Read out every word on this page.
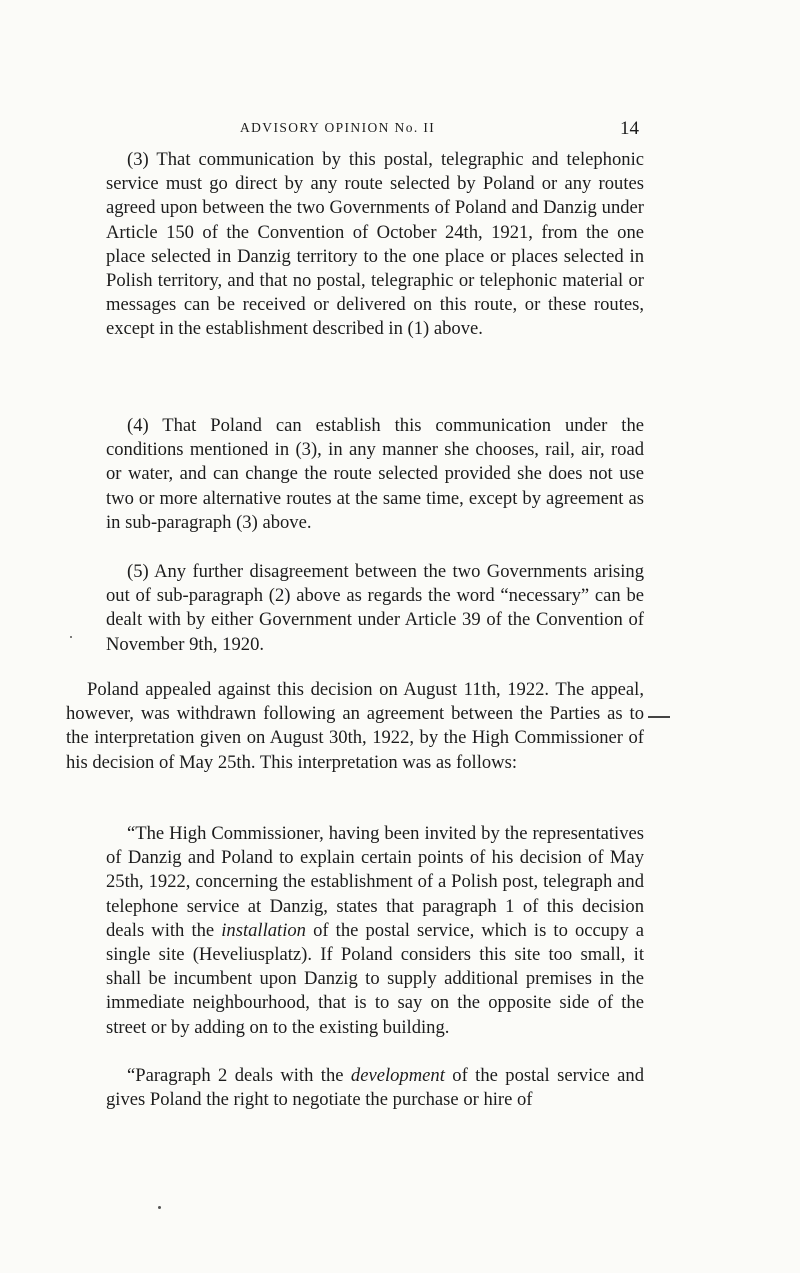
ADVISORY OPINION No. II	14

(3) That communication by this postal, telegraphic and telephonic service must go direct by any route selected by Poland or any routes agreed upon between the two Governments of Poland and Danzig under Article 150 of the Convention of October 24th, 1921, from the one place selected in Danzig territory to the one place or places selected in Polish territory, and that no postal, telegraphic or telephonic material or messages can be received or delivered on this route, or these routes, except in the establishment described in (1) above.

(4) That Poland can establish this communication under the conditions mentioned in (3), in any manner she chooses, rail, air, road or water, and can change the route selected provided she does not use two or more alternative routes at the same time, except by agreement as in sub-paragraph (3) above.

(5) Any further disagreement between the two Governments arising out of sub-paragraph (2) above as regards the word “necessary” can be dealt with by either Government under Article 39 of the Convention of November 9th, 1920.

Poland appealed against this decision on August 11th, 1922. The appeal, however, was withdrawn following an agreement between the Parties as to the interpretation given on August 30th, 1922, by the High Commissioner of his decision of May 25th. This interpretation was as follows:

“The High Commissioner, having been invited by the representatives of Danzig and Poland to explain certain points of his decision of May 25th, 1922, concerning the establishment of a Polish post, telegraph and telephone service at Danzig, states that paragraph 1 of this decision deals with the installation of the postal service, which is to occupy a single site (Heveliusplatz). If Poland considers this site too small, it shall be incumbent upon Danzig to supply additional premises in the immediate neighbourhood, that is to say on the opposite side of the street or by adding on to the existing building.

“Paragraph 2 deals with the development of the postal service and gives Poland the right to negotiate the purchase or hire of
